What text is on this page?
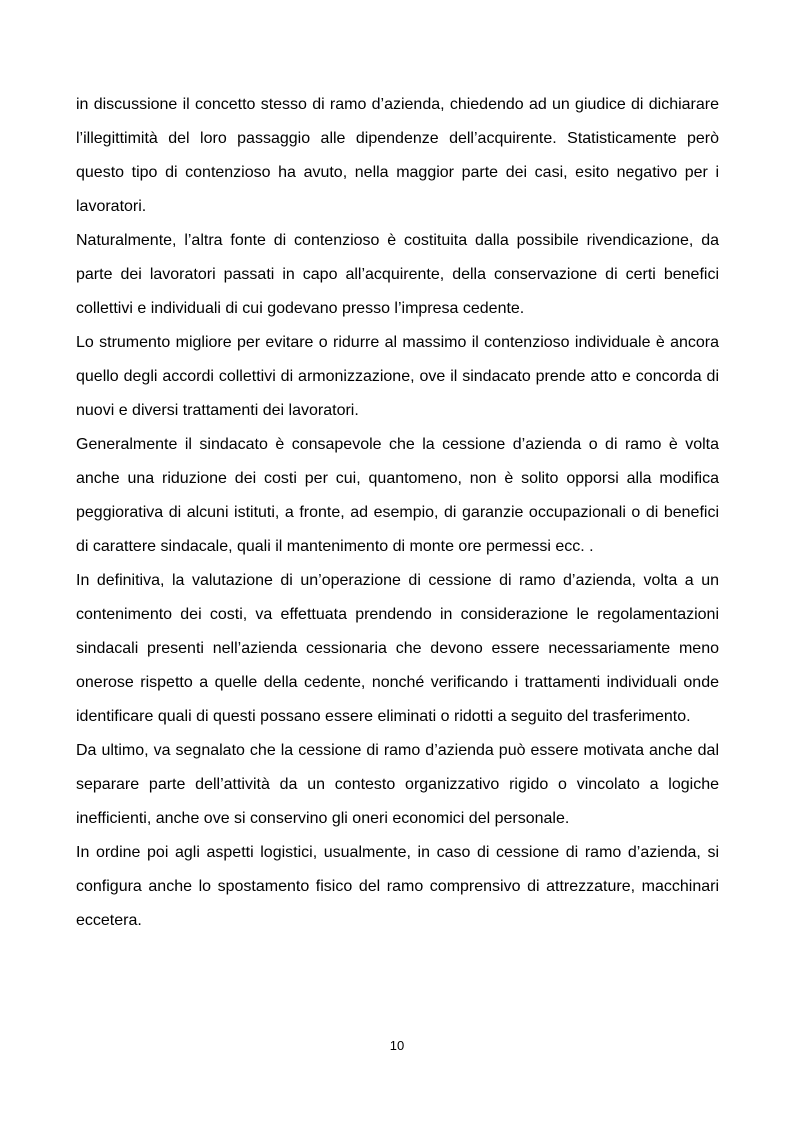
in discussione il concetto stesso di ramo d’azienda, chiedendo ad un giudice di dichiarare l’illegittimità del loro passaggio alle dipendenze dell’acquirente. Statisticamente però questo tipo di contenzioso ha avuto, nella maggior parte dei casi, esito negativo per i lavoratori.

Naturalmente, l’altra fonte di contenzioso è costituita dalla possibile rivendicazione, da parte dei lavoratori passati in capo all’acquirente, della conservazione di certi benefici collettivi e individuali di cui godevano presso l’impresa cedente.

Lo strumento migliore per evitare o ridurre al massimo il contenzioso individuale è ancora quello degli accordi collettivi di armonizzazione, ove il sindacato prende atto e concorda di nuovi e diversi trattamenti dei lavoratori.

Generalmente il sindacato è consapevole che la cessione d’azienda o di ramo è volta anche una riduzione dei costi per cui, quantomeno, non è solito opporsi alla modifica peggiorativa di alcuni istituti, a fronte, ad esempio, di garanzie occupazionali o di benefici di carattere sindacale, quali il mantenimento di monte ore permessi ecc. .

In definitiva, la valutazione di un’operazione di cessione di ramo d’azienda, volta a un contenimento dei costi, va effettuata prendendo in considerazione le regolamentazioni sindacali presenti nell’azienda cessionaria che devono essere necessariamente meno onerose rispetto a quelle della cedente, nonché verificando i trattamenti individuali onde identificare quali di questi possano essere eliminati o ridotti a seguito del trasferimento.

Da ultimo, va segnalato che la cessione di ramo d’azienda può essere motivata anche dal separare parte dell’attività da un contesto organizzativo rigido o vincolato a logiche inefficienti, anche ove si conservino gli oneri economici del personale.

In ordine poi agli aspetti logistici, usualmente, in caso di cessione di ramo d’azienda, si configura anche lo spostamento fisico del ramo comprensivo di attrezzature, macchinari eccetera.

10
